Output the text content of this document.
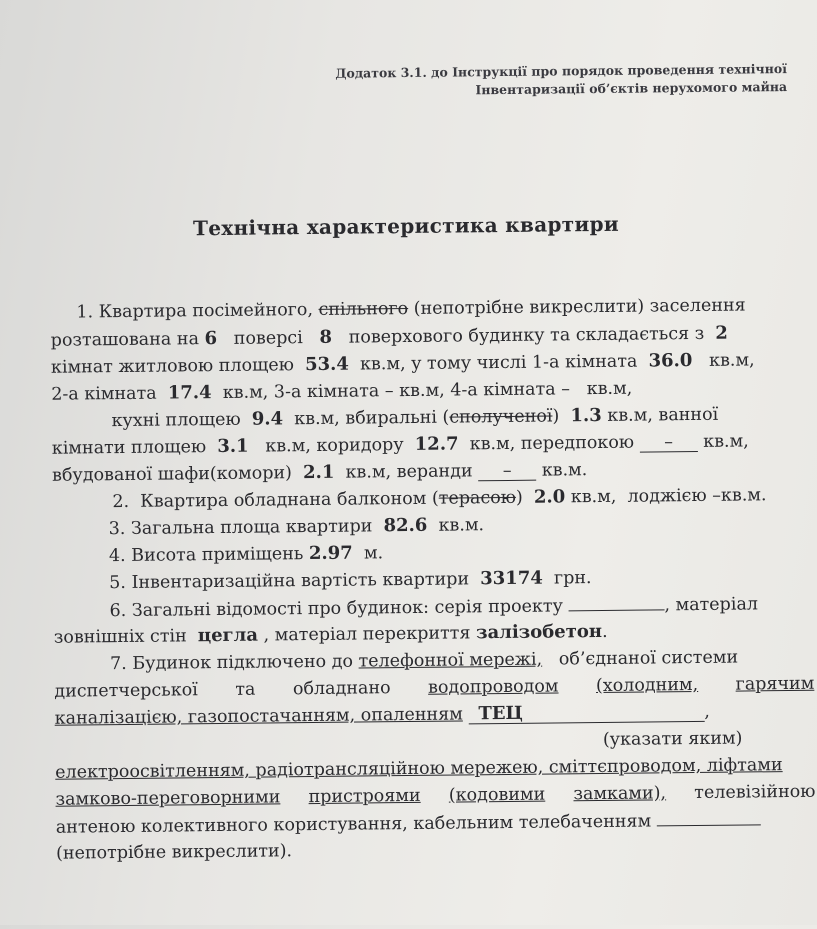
Додаток 3.1. до Інструкції про порядок проведення технічної
Інвентаризації об’єктів нерухомого майна
Технічна характеристика квартири
1. Квартира посімейного, спільного (непотрібне викреслити) заселення
розташована на 6 поверсі 8 поверхового будинку та складається з 2
кімнат житловою площею 53.4 кв.м, у тому числі 1-а кімната 36.0 кв.м,
2-а кімната 17.4 кв.м, 3-а кімната – кв.м, 4-а кімната – кв.м,
кухні площею 9.4 кв.м, вбиральні (сполученої) 1.3 кв.м, ванної
кімнати площею 3.1 кв.м, коридору 12.7 кв.м, передпокою – кв.м,
вбудованої шафи(комори) 2.1 кв.м, веранди – кв.м.
2. Квартира обладнана балконом (терасою) 2.0 кв.м, лоджією –кв.м.
3. Загальна площа квартири 82.6 кв.м.
4. Висота приміщень 2.97 м.
5. Інвентаризаційна вартість квартири 33174 грн.
6. Загальні відомості про будинок: серія проекту	, матеріал
зовнішніх стін цегла , матеріал перекриття залізобетон.
7. Будинок підключено до телефонної мережі, об’єднаної системи
диспетчерської та обладнано водопроводом (холодним, гарячим
каналізацією, газопостачанням, опаленням ТЕЦ	,
(указати яким)
електроосвітленням, радіотрансляційною мережею, сміттєпроводом, ліфтами
замково-переговорними пристроями (кодовими замками), телевізійною
антеною колективного користування, кабельним телебаченням
(непотрібне викреслити).
